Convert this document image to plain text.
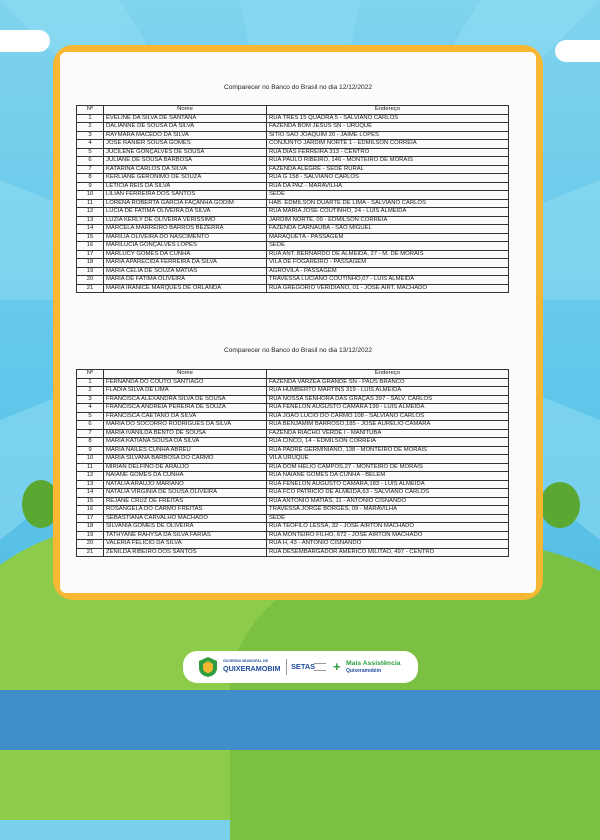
Comparecer no Banco do Brasil no dia 12/12/2022
Nº	Nome	Endereço
1	EVELINE DA SILVA DE SANTANA	RUA TRES 15 QUADRA 5 - SALVIANO CARLOS
2	DALIANNE DE SOUSA DA SILVA	FAZENDA BOM JESUS SN - URUQUÊ
3	RAYMARA MACEDO DA SILVA	SITIO SAO JOAQUIM 20 - JAIME LOPES
4	JOSÉ RANIER SOUSA GOMES	CONJUNTO JARDIM NORTE 1 - EDMILSON CORREIA
5	JUCILENE GONÇALVES DE SOUSA	RUA DIAS FERREIRA 313 - CENTRO
6	JULIANE DE SOUSA BARBOSA	RUA PAULO RIBEIRO, 146 - MONTEIRO DE MORAIS
7	KATARINA CARLOS DA SILVA	FAZENDA ALEGRE - SEDE RURAL
8	KERLIANE GERÔNIMO DE SOUZA	RUA G 158 - SALVIANO CARLOS
9	LETICIA REIS DA SILVA	RUA DA PAZ - MARAVILHA
10	LILIAN FERREIRA DOS SANTOS	SEDE
11	LORENA ROBERTA GARCIA FAÇANHA GODIM	HAB. EDMILSON DUARTE DE LIMA - SALVIANO CARLOS
12	LUCIA DE FATIMA OLIVEIRA DA SILVA	RUA MARIA JOSE COUTINHO, 24 - LUIS ALMEIDA
13	LUZIA KERLY DE OLIVEIRA VERISSIMO	JARDIM NORTE, 09 - EDMILSON CORREIA
14	MARCELA MARREIRO BARROS BEZERRA	FAZENDA CARNAUBA - SÃO MIGUEL
15	MARILIA OLIVEIRA DO NASCIMENTO	MARAQUETA - PASSAGEM
16	MARILUCIA GONÇALVES LOPES	SEDE
17	MARLUCY GOMES DA CUNHA	RUA ANT. BERNARDO DE ALMEIDA, 27 - M. DE MORAIS
18	MARIA APARECIDA FERREIRA DA SILVA	VILA DE FOGAREIRO - PASSAGEM
19	MARIA CELIA DE SOUZA MATIAS	AGROVILA - PASSAGEM
20	MARIA DE FATIMA OLIVEIRA	TRAVESSA LUCIANO COUTINHO,07 - LUIS ALMEIDA
21	MARIA IRANICE MARQUES DE ORLANDA	RUA GREGORIO VERIDIANO, 01 - JOSÉ AIRT. MACHADO
Comparecer no Banco do Brasil no dia 13/12/2022
Nº	Nome	Endereço
1	FERNANDA DO COUTO SANTIAGO	FAZENDA VARZEA GRANDE SN - PAUS BRANCO
2	FLADIA SILVA DE LIMA	RUA HUMBERTO MARTINS 319 - LUIS ALMEIDA
3	FRANCISCA ALEXANDRA SILVA DE SOUSA	RUA NOSSA SENHORA DAS GRAÇAS 397 - SALV. CARLOS
4	FRANCISCA ANDREIA PEREIRA DE SOUZA	RUA FENELON AUGUSTO CAMARA 199 - LUIS ALMEIDA
5	FRANCISCA CAETANO DA SILVA	RUA JOAO LUCIO DO CARMO 108 - SALVIANO CARLOS
6	MARIA DO SOCORRO RODRIGUES DA SILVA	RUA BENJAMIM BARROSO,185 - JOSÉ AURELIO CAMARA
7	MARIA IVANILDA BENTO DE SOUSA	FAZENDA RIACHO VERDE I - MANITUBA
8	MARIA KATIANA SOUSA DA SILVA	RUA CINCO, 14 - EDMILSON CORREIA
9	MARIA NAILES CUNHA ABREU	RUA PADRE GERMINIANO, 138 - MONTEIRO DE MORAIS
10	MARIA SILVANA BARBOSA DO CARMO	VILA URUQUÊ
11	MIRIAN DELFINO DE ARAUJO	RUA DOM HELIO CAMPOS,27 - MONTEIRO DE MORAIS
12	NAIANE GOMES DA CUNHA	RUA NAIANE GOMES DA CUNHA - BELEM
13	NATALIA ARAUJO MARIANO	RUA FENELON AUGUSTO CAMARA,183 - LUIS ALMEIDA
14	NATALIA VIRGINIA DE SOUSA OLIVEIRA	RUA FCO PATRICIO DE ALMEIDA,63 - SALVIANO CARLOS
15	REJANE CRUZ DE FREITAS	RUA ANTONIO MATIAS, 11 - ANTONIO CISNANDO
16	ROSANGELA DO CARMO FREITAS	TRAVESSA JORGE BORGES, 09 - MARAVILHA
17	SEBASTIANA CARVALHO MACHADO	SEDE
18	SILVANIA GOMES DE OLIVEIRA	RUA TEOFILO LESSA, 32 - JOSÉ AIRTON MACHADO
19	TATHYANE RAHYSA DA SILVA FARIAS	RUA MONTEIRO FILHO, 672 - JOSÉ AIRTON MACHADO
20	VALERIA FELICIO DA SILVA	RUA H, 43 - ANTONIO CISNANDO
21	ZENILDA RIBEIRO DOS SANTOS	RUA DESEMBARGADOR AMERICO MILITAO, 497 - CENTRO
GOVERNO MUNICIPAL DE
QUIXERAMOBIM SETAS + Mais Assistência
Quixeramobim
